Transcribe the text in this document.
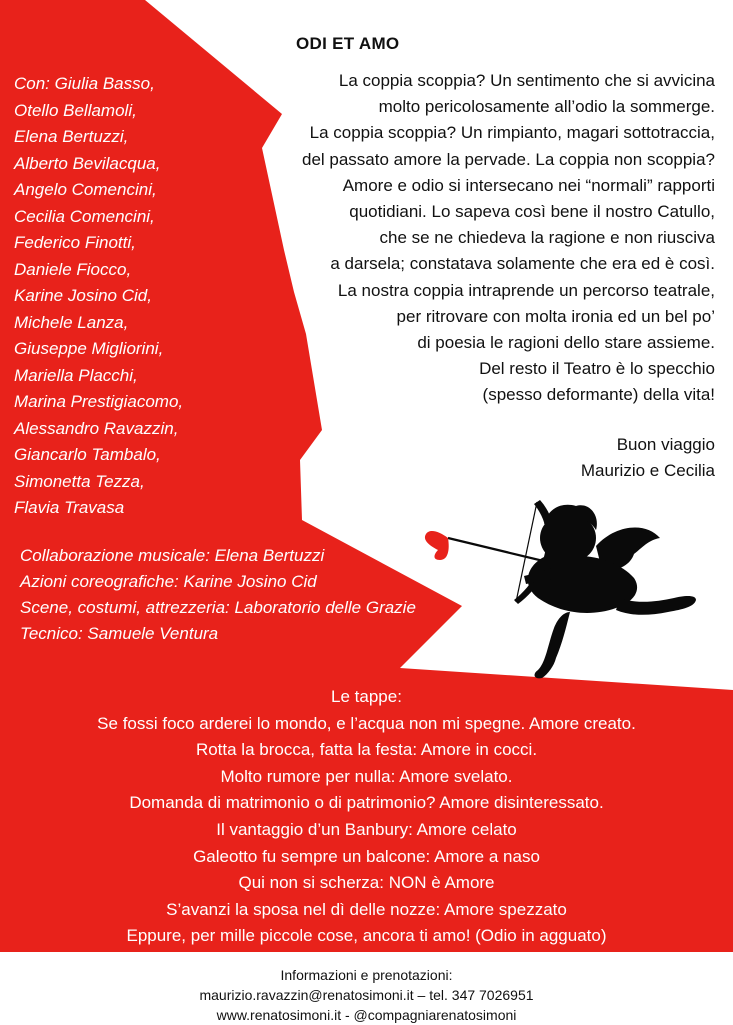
ODI ET AMO
Con: Giulia Basso,
Otello Bellamoli,
Elena Bertuzzi,
Alberto Bevilacqua,
Angelo Comencini,
Cecilia Comencini,
Federico Finotti,
Daniele Fiocco,
Karine Josino Cid,
Michele Lanza,
Giuseppe Migliorini,
Mariella Placchi,
Marina Prestigiacomo,
Alessandro Ravazzin,
Giancarlo Tambalo,
Simonetta Tezza,
Flavia Travasa
La coppia scoppia? Un sentimento che si avvicina
molto pericolosamente all’odio la sommerge.
La coppia scoppia? Un rimpianto, magari sottotraccia,
del passato amore la pervade. La coppia non scoppia?
Amore e odio si intersecano nei “normali” rapporti
quotidiani. Lo sapeva così bene il nostro Catullo,
che se ne chiedeva la ragione e non riusciva
a darsela; constatava solamente che era ed è così.
La nostra coppia intraprende un percorso teatrale,
per ritrovare con molta ironia ed un bel po’
di poesia le ragioni dello stare assieme.
Del resto il Teatro è lo specchio
(spesso deformante) della vita!
Buon viaggio
Maurizio e Cecilia
Collaborazione musicale: Elena Bertuzzi
Azioni coreografiche: Karine Josino Cid
Scene, costumi, attrezzeria: Laboratorio delle Grazie
Tecnico: Samuele Ventura
Le tappe:
Se fossi foco arderei lo mondo, e l’acqua non mi spegne. Amore creato.
Rotta la brocca, fatta la festa: Amore in cocci.
Molto rumore per nulla: Amore svelato.
Domanda di matrimonio o di patrimonio? Amore disinteressato.
Il vantaggio d’un Banbury: Amore celato
Galeotto fu sempre un balcone: Amore a naso
Qui non si scherza: NON è Amore
S’avanzi la sposa nel dì delle nozze: Amore spezzato
Eppure, per mille piccole cose, ancora ti amo! (Odio in agguato)
Informazioni e prenotazioni:
maurizio.ravazzin@renatosimoni.it – tel. 347 7026951
www.renatosimoni.it - @compagniarenatosimoni
